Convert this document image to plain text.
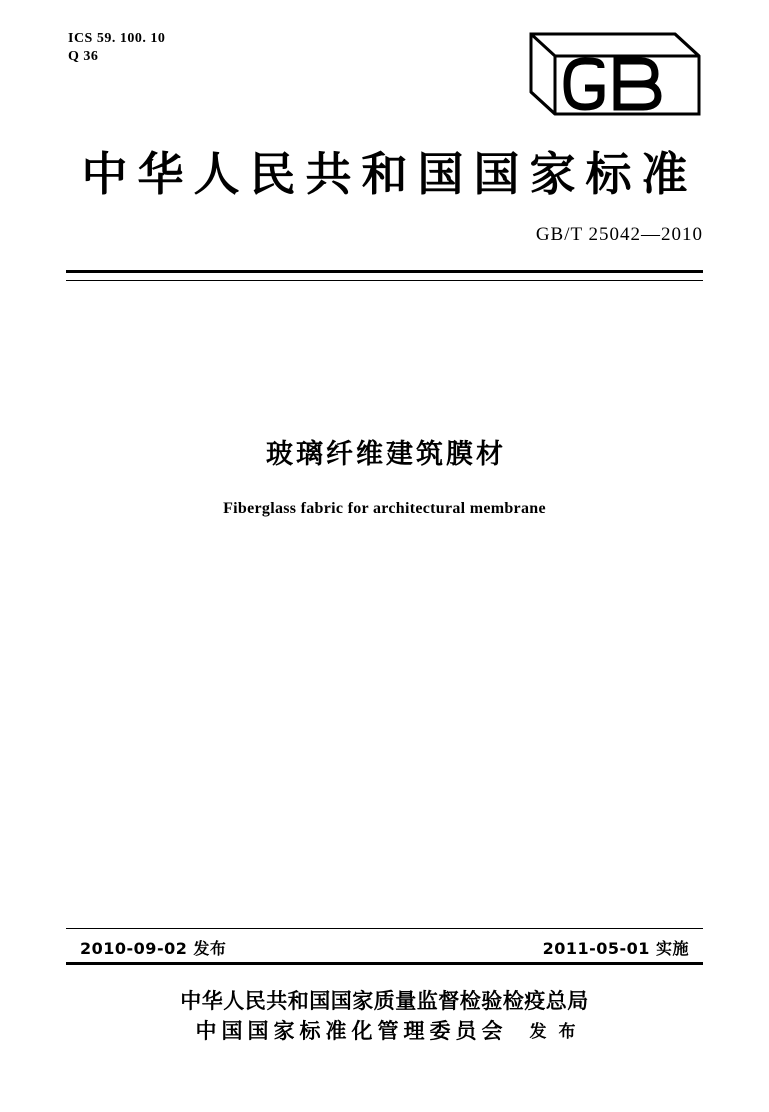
ICS 59. 100. 10
Q 36
中华人民共和国国家标准
GB/T 25042—2010
玻璃纤维建筑膜材
Fiberglass fabric for architectural membrane
2010-09-02 发布	2011-05-01 实施
中华人民共和国国家质量监督检验检疫总局
中国国家标准化管理委员会 发 布
